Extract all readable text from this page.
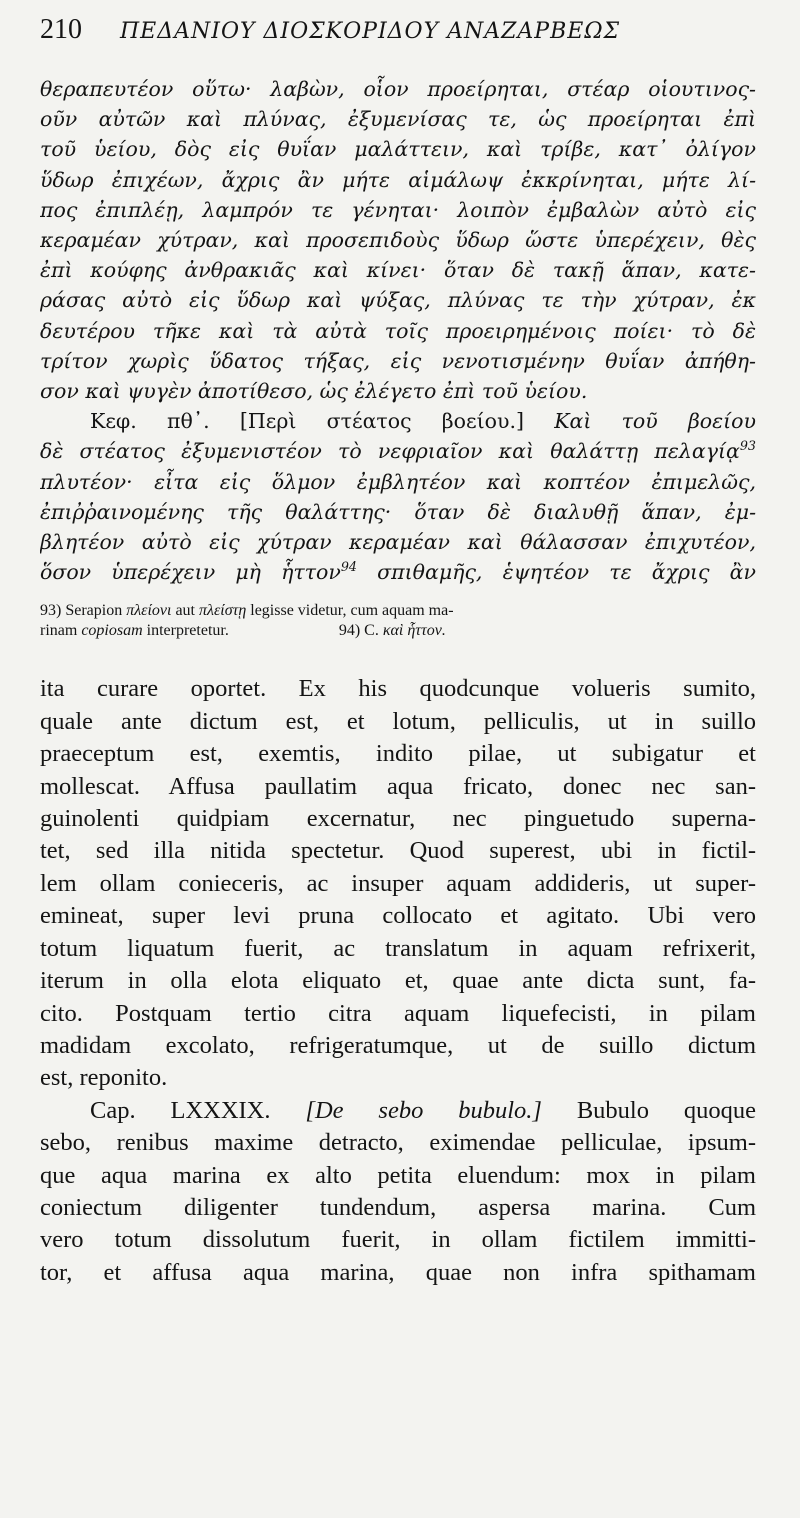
210	ΠΕΔΑΝΙΟΥ ΔΙΟΣΚΟΡΙΔΟΥ ΑΝΑΖΑΡΒΕΩΣ
θεραπευτέον οὕτω· λαβὼν, οἷον προείρηται, στέαρ οἱουτινος-
οῦν αὐτῶν καὶ πλύνας, ἐξυμενίσας τε, ὡς προείρηται ἐπὶ
τοῦ ὑείου, δὸς εἰς θυΐαν μαλάττειν, καὶ τρίβε, κατ᾽ ὀλίγον
ὕδωρ ἐπιχέων, ἄχρις ἂν μήτε αἱμάλωψ ἐκκρίνηται, μήτε λί-
πος ἐπιπλέῃ, λαμπρόν τε γένηται· λοιπὸν ἐμβαλὼν αὐτὸ εἰς
κεραμέαν χύτραν, καὶ προσεπιδοὺς ὕδωρ ὥστε ὑπερέχειν, θὲς
ἐπὶ κούφης ἀνθρακιᾶς καὶ κίνει· ὅταν δὲ τακῇ ἅπαν, κατε-
ράσας αὐτὸ εἰς ὕδωρ καὶ ψύξας, πλύνας τε τὴν χύτραν, ἐκ
δευτέρου τῆκε καὶ τὰ αὐτὰ τοῖς προειρημένοις ποίει· τὸ δὲ
τρίτον χωρὶς ὕδατος τήξας, εἰς νενοτισμένην θυΐαν ἀπήθη-
σον καὶ ψυγὲν ἀποτίθεσο, ὡς ἐλέγετο ἐπὶ τοῦ ὑείου.
Κεφ. πθ᾽. [Περὶ στέατος βοείου.] Καὶ τοῦ βοείου
δὲ στέατος ἐξυμενιστέον τὸ νεφριαῖον καὶ θαλάττῃ πελαγίᾳ$^{93}$
πλυτέον· εἶτα εἰς ὅλμον ἐμβλητέον καὶ κοπτέον ἐπιμελῶς,
ἐπιῤῥαινομένης τῆς θαλάττης· ὅταν δὲ διαλυθῇ ἅπαν, ἐμ-
βλητέον αὐτὸ εἰς χύτραν κεραμέαν καὶ θάλασσαν ἐπιχυτέον,
ὅσον ὑπερέχειν μὴ ἧττον$^{94}$ σπιθαμῆς, ἑψητέον τε ἄχρις ἂν
93) Serapion πλείονι aut πλείστῃ legisse videtur, cum aquam ma-
rinam copiosam interpretetur.	94) C. καὶ ἧττον.
ita curare oportet. Ex his quodcunque volueris sumito,
quale ante dictum est, et lotum, pelliculis, ut in suillo
praeceptum est, exemtis, indito pilae, ut subigatur et
mollescat. Affusa paullatim aqua fricato, donec nec san-
guinolenti quidpiam excernatur, nec pinguetudo superna-
tet, sed illa nitida spectetur. Quod superest, ubi in fictil-
lem ollam conieceris, ac insuper aquam addideris, ut super-
emineat, super levi pruna collocato et agitato. Ubi vero
totum liquatum fuerit, ac translatum in aquam refrixerit,
iterum in olla elota eliquato et, quae ante dicta sunt, fa-
cito. Postquam tertio citra aquam liquefecisti, in pilam
madidam excolato, refrigeratumque, ut de suillo dictum
est, reponito.
Cap. LXXXIX. [De sebo bubulo.] Bubulo quoque
sebo, renibus maxime detracto, eximendae pelliculae, ipsum-
que aqua marina ex alto petita eluendum: mox in pilam
coniectum diligenter tundendum, aspersa marina. Cum
vero totum dissolutum fuerit, in ollam fictilem immitti-
tor, et affusa aqua marina, quae non infra spithamam
